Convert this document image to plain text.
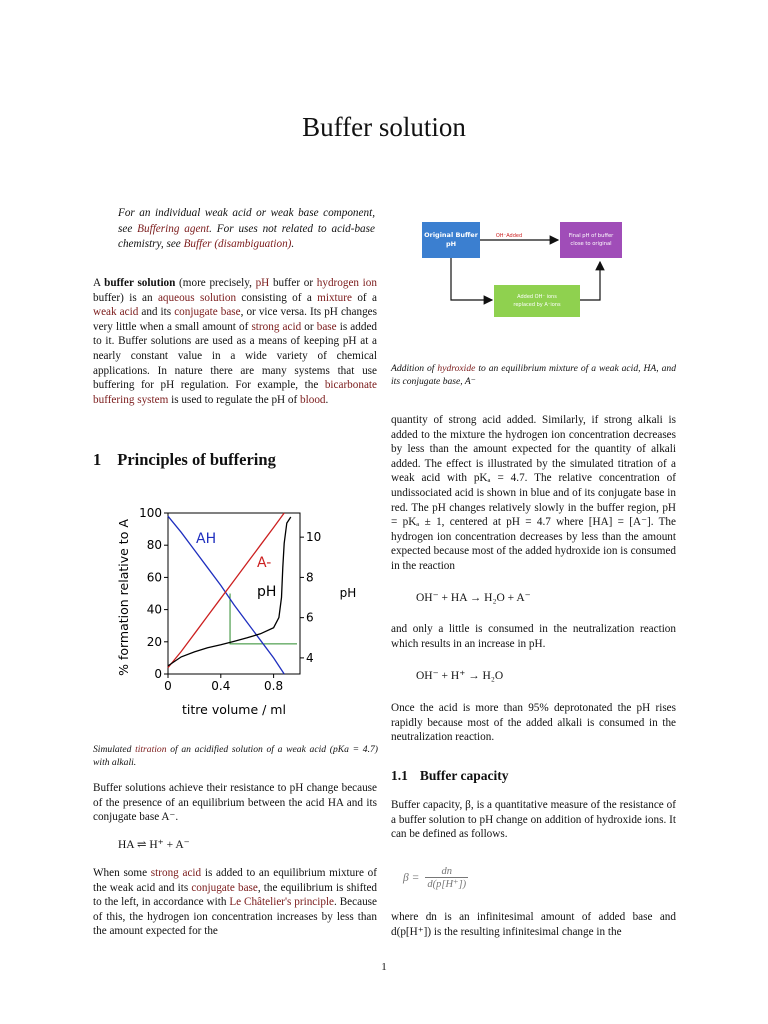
Buffer solution
For an individual weak acid or weak base component, see Buffering agent. For uses not related to acid-base chemistry, see Buffer (disambiguation).
A buffer solution (more precisely, pH buffer or hydrogen ion buffer) is an aqueous solution consisting of a mixture of a weak acid and its conjugate base, or vice versa. Its pH changes very little when a small amount of strong acid or base is added to it. Buffer solutions are used as a means of keeping pH at a nearly constant value in a wide variety of chemical applications. In nature there are many systems that use buffering for pH regulation. For example, the bicarbonate buffering system is used to regulate the pH of blood.
1 Principles of buffering
0	0.4	0.8
0
20
40
60
80
100
4
6
8
10
AH
A-
pH
titre volume / ml
% formation relative to A	pH
Simulated titration of an acidified solution of a weak acid (pKa = 4.7) with alkali.
Buffer solutions achieve their resistance to pH change because of the presence of an equilibrium between the acid HA and its conjugate base A⁻.
HA ⇌ H⁺ + A⁻
When some strong acid is added to an equilibrium mixture of the weak acid and its conjugate base, the equilibrium is shifted to the left, in accordance with Le Châtelier's principle. Because of this, the hydrogen ion concentration increases by less than the amount expected for the
Original Buffer pH
OH⁻Added	Final pH of buffer close to original
Added OH⁻ ions replaced by A⁻ions
Addition of hydroxide to an equilibrium mixture of a weak acid, HA, and its conjugate base, A⁻
quantity of strong acid added. Similarly, if strong alkali is added to the mixture the hydrogen ion concentration decreases by less than the amount expected for the quantity of alkali added. The effect is illustrated by the simulated titration of a weak acid with pKₐ = 4.7. The relative concentration of undissociated acid is shown in blue and of its conjugate base in red. The pH changes relatively slowly in the buffer region, pH = pKₐ ± 1, centered at pH = 4.7 where [HA] = [A⁻]. The hydrogen ion concentration decreases by less than the amount expected because most of the added hydroxide ion is consumed in the reaction
OH⁻ + HA → H₂O + A⁻
and only a little is consumed in the neutralization reaction which results in an increase in pH.
OH⁻ + H⁺ → H₂O
Once the acid is more than 95% deprotonated the pH rises rapidly because most of the added alkali is consumed in the neutralization reaction.
1.1 Buffer capacity
Buffer capacity, β, is a quantitative measure of the resistance of a buffer solution to pH change on addition of hydroxide ions. It can be defined as follows.
$\beta = \frac{dn}{d(p[H^+])}$
where dn is an infinitesimal amount of added base and d(p[H⁺]) is the resulting infinitesimal change in the
1
